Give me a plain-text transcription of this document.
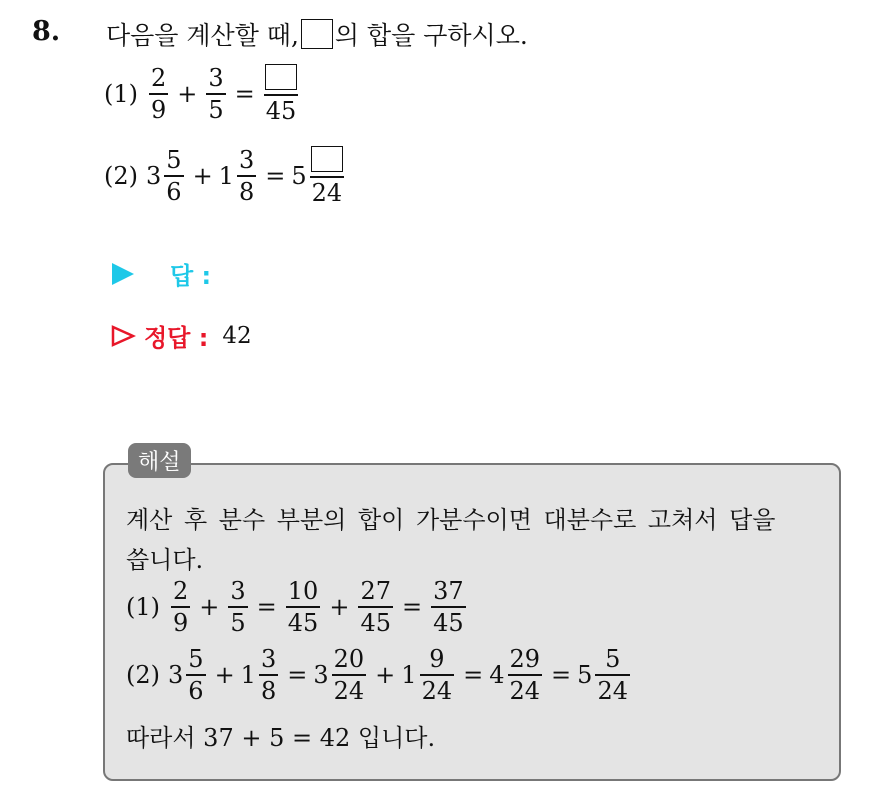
8. 다음을 계산할 때, 의 합을 구하시오.
$(1) \frac{2}{9} + \frac{3}{5}$ =
45
(2) $3 \frac{5}{6} + 1 \frac{3}{8} = 5$
24
답 :
정답 : 42
해설
계산 후 분수 부분의 합이 가분수이면 대분수로 고쳐서 답을
씁니다.
$(1) \frac{2}{9} + \frac{3}{5} = \frac{10}{45} + \frac{27}{45} = \frac{37}{45}$
(2) $3 \frac{5}{6} + 1 \frac{3}{8} = 3 \frac{20}{24} + 1 \frac{9}{24} = 4 \frac{29}{24} = 5 \frac{5}{24}$
따라서 37 + 5 = 42 입니다.
